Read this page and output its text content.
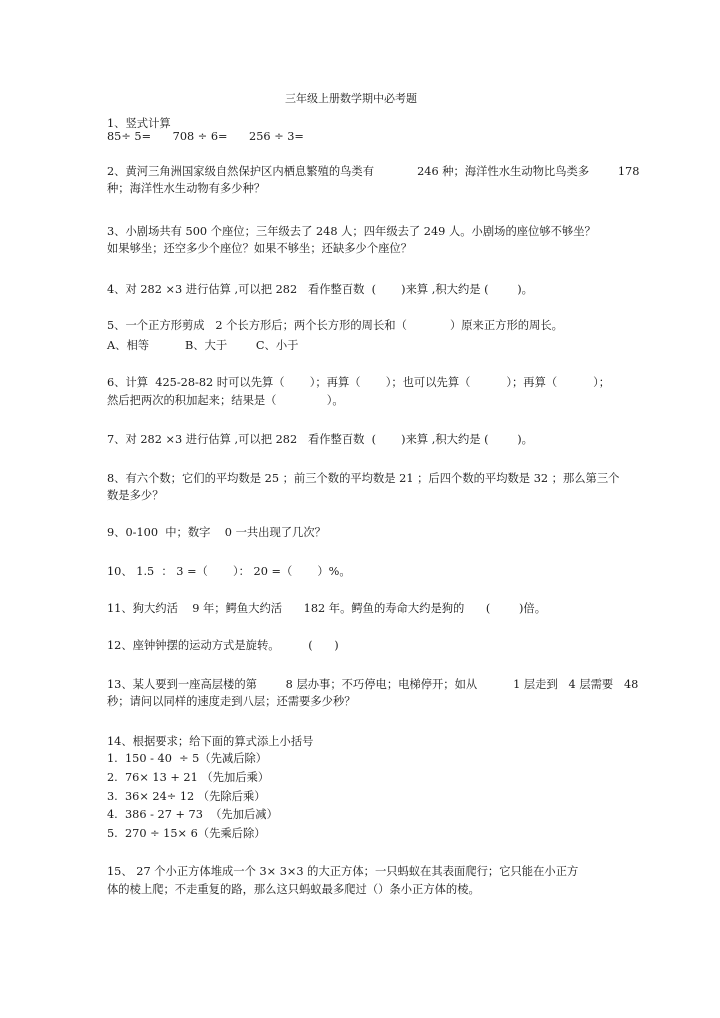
三年级上册数学期中必考题
1、竖式计算
85÷ 5=      708 ÷ 6=      256 ÷ 3=
2、黄河三角洲国家级自然保护区内栖息繁殖的鸟类有            246 种；海洋性水生动物比鸟类多        178
种；海洋性水生动物有多少种？
3、小剧场共有 500 个座位；三年级去了 248 人；四年级去了 249 人。小剧场的座位够不够坐？
如果够坐；还空多少个座位？如果不够坐；还缺多少个座位？
4、对 282 ×3 进行估算 ,可以把 282   看作整百数  (       )来算 ,积大约是 (        )。
5、一个正方形剪成   2 个长方形后；两个长方形的周长和（            ）原来正方形的周长。
A、相等          B、大于        C、小于
6、计算  425-28-82 时可以先算（       ）；再算（       ）；也可以先算（          ）；再算（          ）；
然后把两次的积加起来；结果是（              ）。
7、对 282 ×3 进行估算 ,可以把 282   看作整百数  (       )来算 ,积大约是 (        )。
8、有六个数；它们的平均数是 25 ；前三个数的平均数是 21 ；后四个数的平均数是 32 ；那么第三个
数是多少？
9、0-100  中；数字    0 一共出现了几次？
10、 1.5  ： 3 =（       ）： 20 =（       ）%。
11、狗大约活    9 年；鳄鱼大约活      182 年。鳄鱼的寿命大约是狗的      (        )倍。
12、座钟钟摆的运动方式是旋转。        (      )
13、某人要到一座高层楼的第        8 层办事；不巧停电；电梯停开；如从          1 层走到   4 层需要   48
秒；请问以同样的速度走到八层；还需要多少秒？
14、根据要求；给下面的算式添上小括号
1.  150 - 40  ÷ 5（先减后除）
2.  76× 13 + 21 （先加后乘）
3.  36× 24÷ 12 （先除后乘）
4.  386 - 27 + 73  （先加后减）
5.  270 ÷ 15× 6（先乘后除）
15、 27 个小正方体堆成一个 3× 3×3 的大正方体；一只蚂蚁在其表面爬行；它只能在小正方
体的棱上爬；不走重复的路，那么这只蚂蚁最多爬过（）条小正方体的棱。
